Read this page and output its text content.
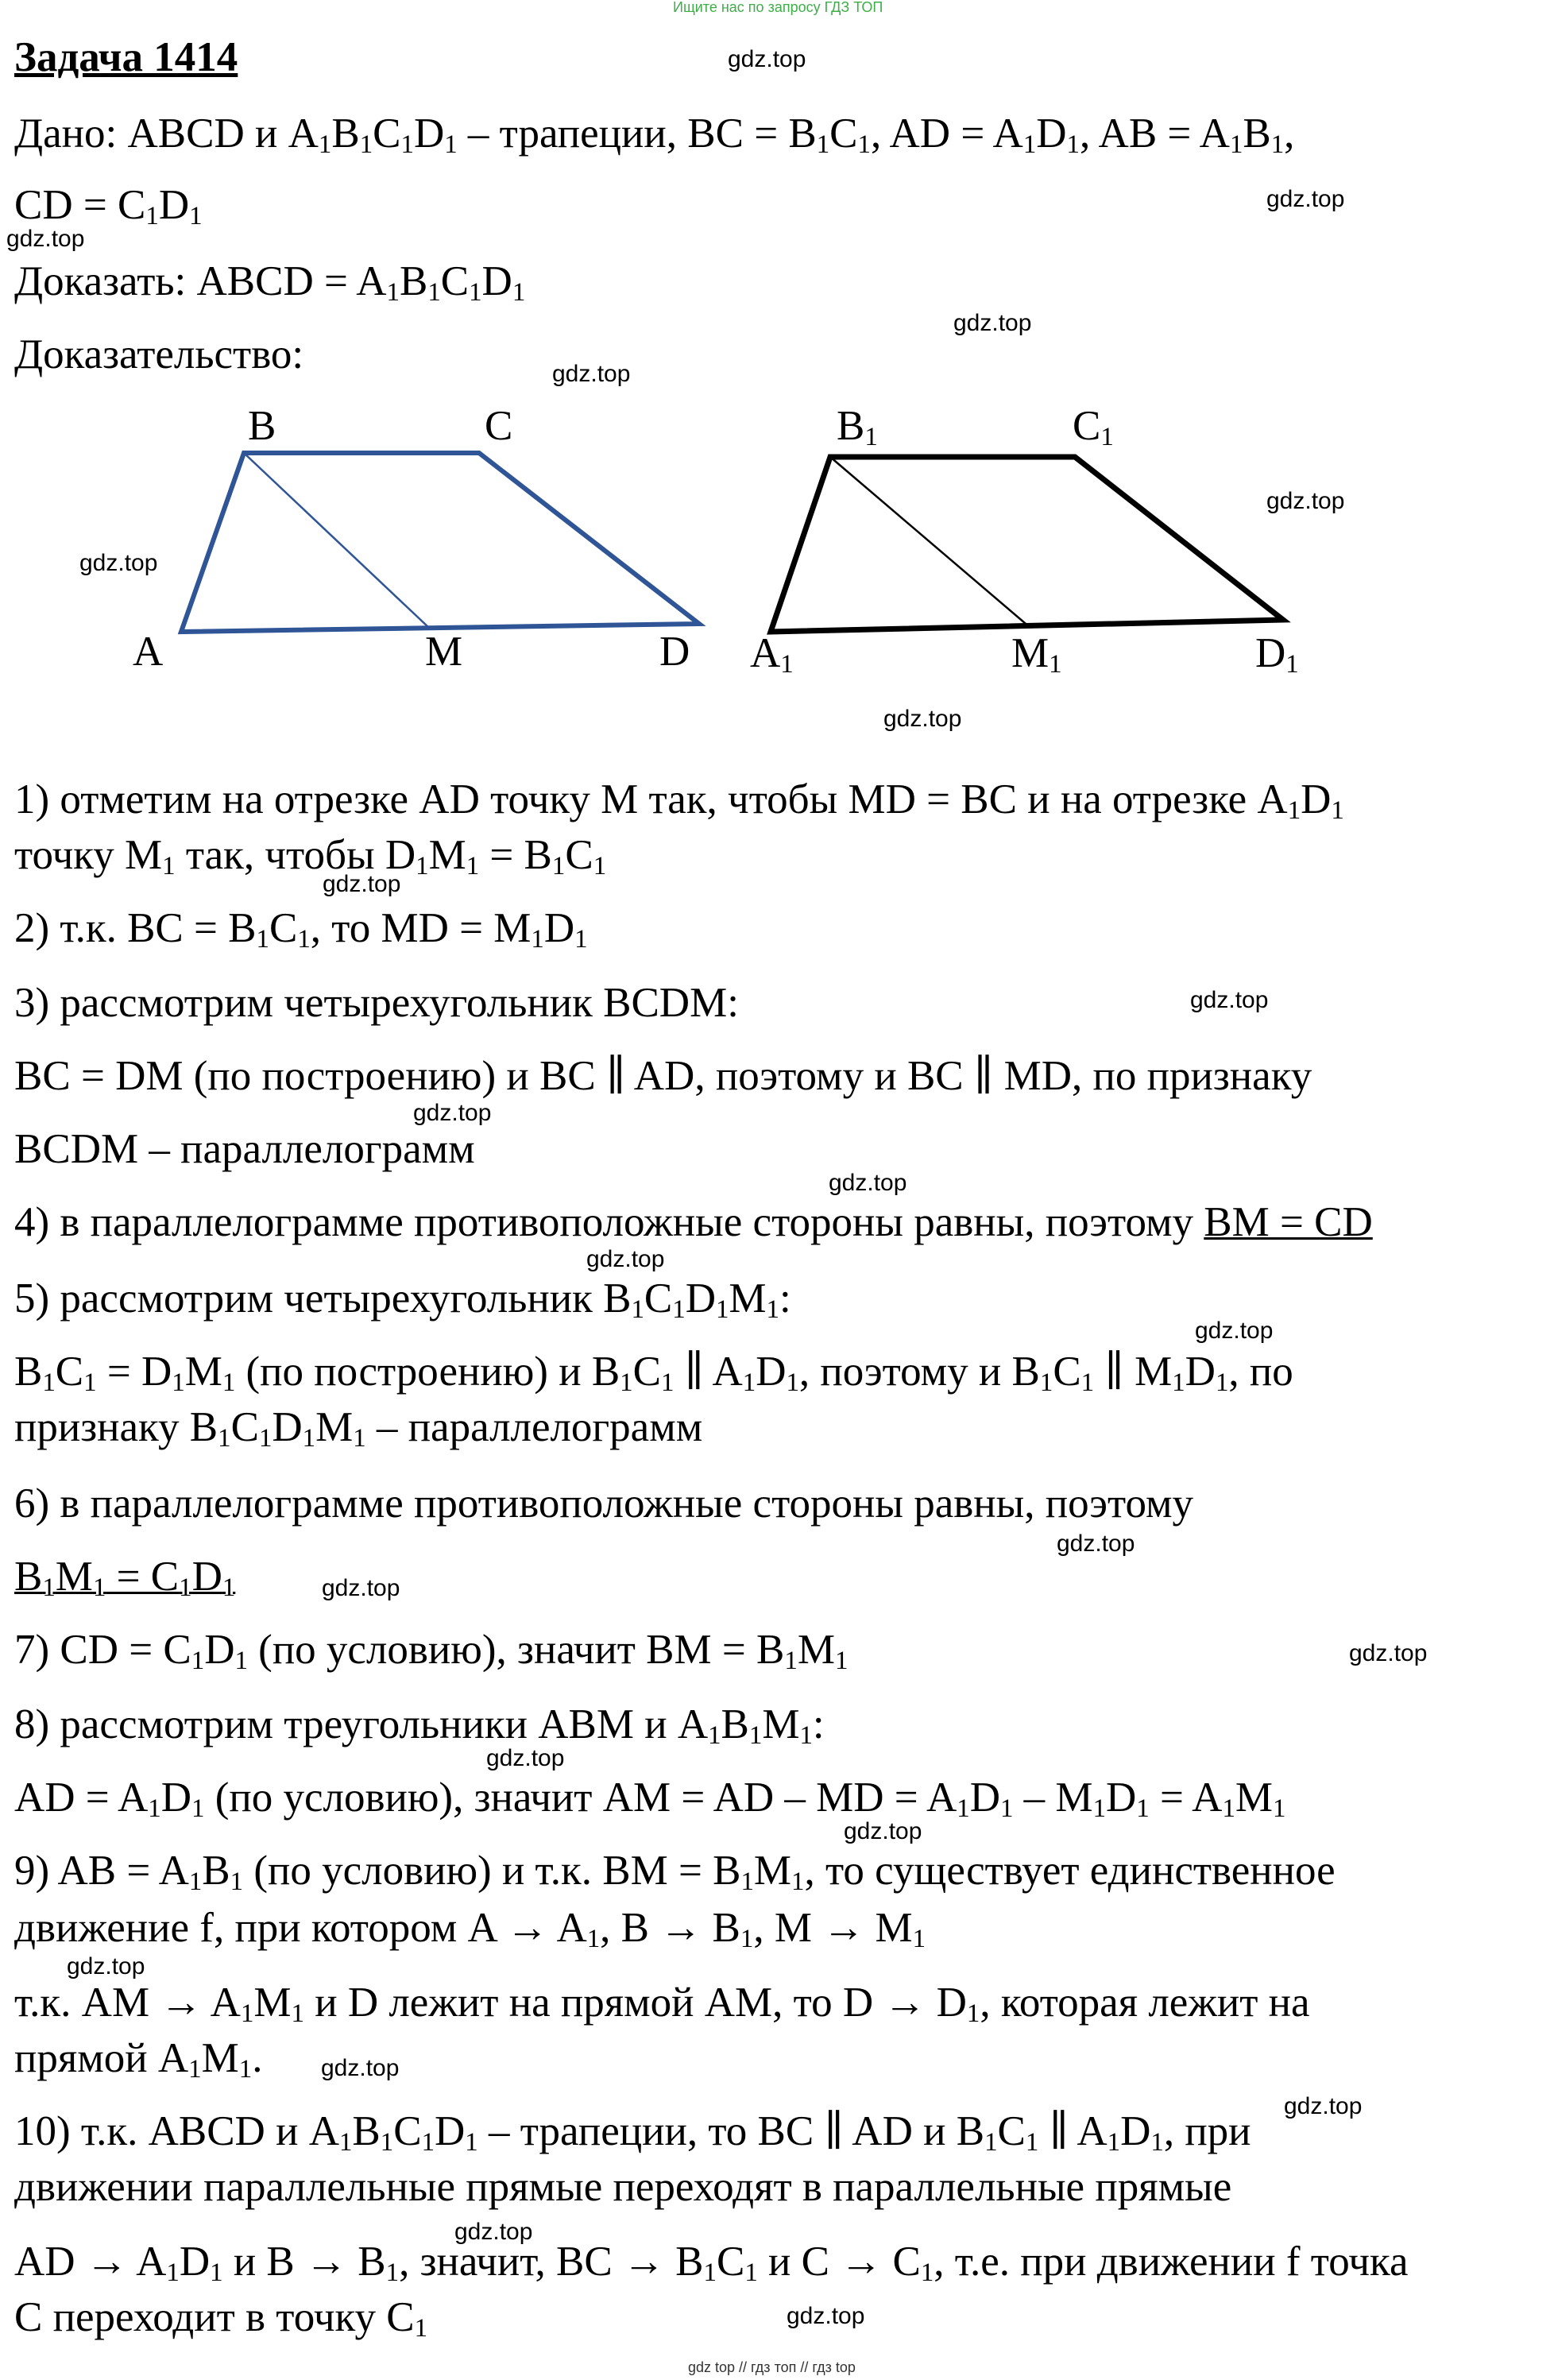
Ищите нас по запросу ГДЗ ТОП
Задача 1414
Дано: ABCD и $A_1B_1C_1D_1$ – трапеции, BC = $B_1C_1$, AD = $A_1D_1$, AB = $A_1B_1$,
CD = $C_1D_1$
Доказать: ABCD = $A_1B_1C_1D_1$
Доказательство:
B	C
A	M	D
$B_1$	$C_1$
$A_1$	$M_1$	$D_1$
1) отметим на отрезке AD точку M так, чтобы MD = BC и на отрезке $A_1D_1$
точку $M_1$ так, чтобы $D_1M_1 = B_1C_1$
2) т.к. BC = $B_1C_1$, то MD = $M_1D_1$
3) рассмотрим четырехугольник BCDM:
BC = DM (по построению) и BC ∥ AD, поэтому и BC ∥ MD, по признаку
BCDM – параллелограмм
4) в параллелограмме противоположные стороны равны, поэтому BM = CD
5) рассмотрим четырехугольник $B_1C_1D_1M_1$:
$B_1C_1 = D_1M_1$ (по построению) и $B_1C_1$ ∥ $A_1D_1$, поэтому и $B_1C_1$ ∥ $M_1D_1$, по
признаку $B_1C_1D_1M_1$ – параллелограмм
6) в параллелограмме противоположные стороны равны, поэтому
$B_1M_1 = C_1D_1$
7) CD = $C_1D_1$ (по условию), значит BM = $B_1M_1$
8) рассмотрим треугольники ABM и $A_1B_1M_1$:
AD = $A_1D_1$ (по условию), значит AM = AD – MD = $A_1D_1 - M_1D_1 = A_1M_1$
9) AB = $A_1B_1$ (по условию) и т.к. BM = $B_1M_1$, то существует единственное
движение f, при котором $A \to A_1$, $B \to B_1$, $M \to M_1$
т.к. AM → $A_1M_1$ и D лежит на прямой AM, то $D \to D_1$, которая лежит на
прямой $A_1M_1$.
10) т.к. ABCD и $A_1B_1C_1D_1$ – трапеции, то BC ∥ AD и $B_1C_1$ ∥ $A_1D_1$, при
движении параллельные прямые переходят в параллельные прямые
AD → $A_1D_1$ и $B \to B_1$, значит, BC → $B_1C_1$ и $C \to C_1$, т.е. при движении f точка
C переходит в точку $C_1$
gdz.top
gdz.top
gdz.top
gdz.top
gdz.top
gdz.top
gdz.top
gdz.top
gdz.top
gdz.top
gdz.top
gdz.top
gdz.top
gdz.top
gdz.top
gdz.top
gdz.top
gdz.top
gdz.top
gdz.top
gdz.top
gdz.top
gdz.top
gdz.top
gdz top // гдз топ // гдз top
